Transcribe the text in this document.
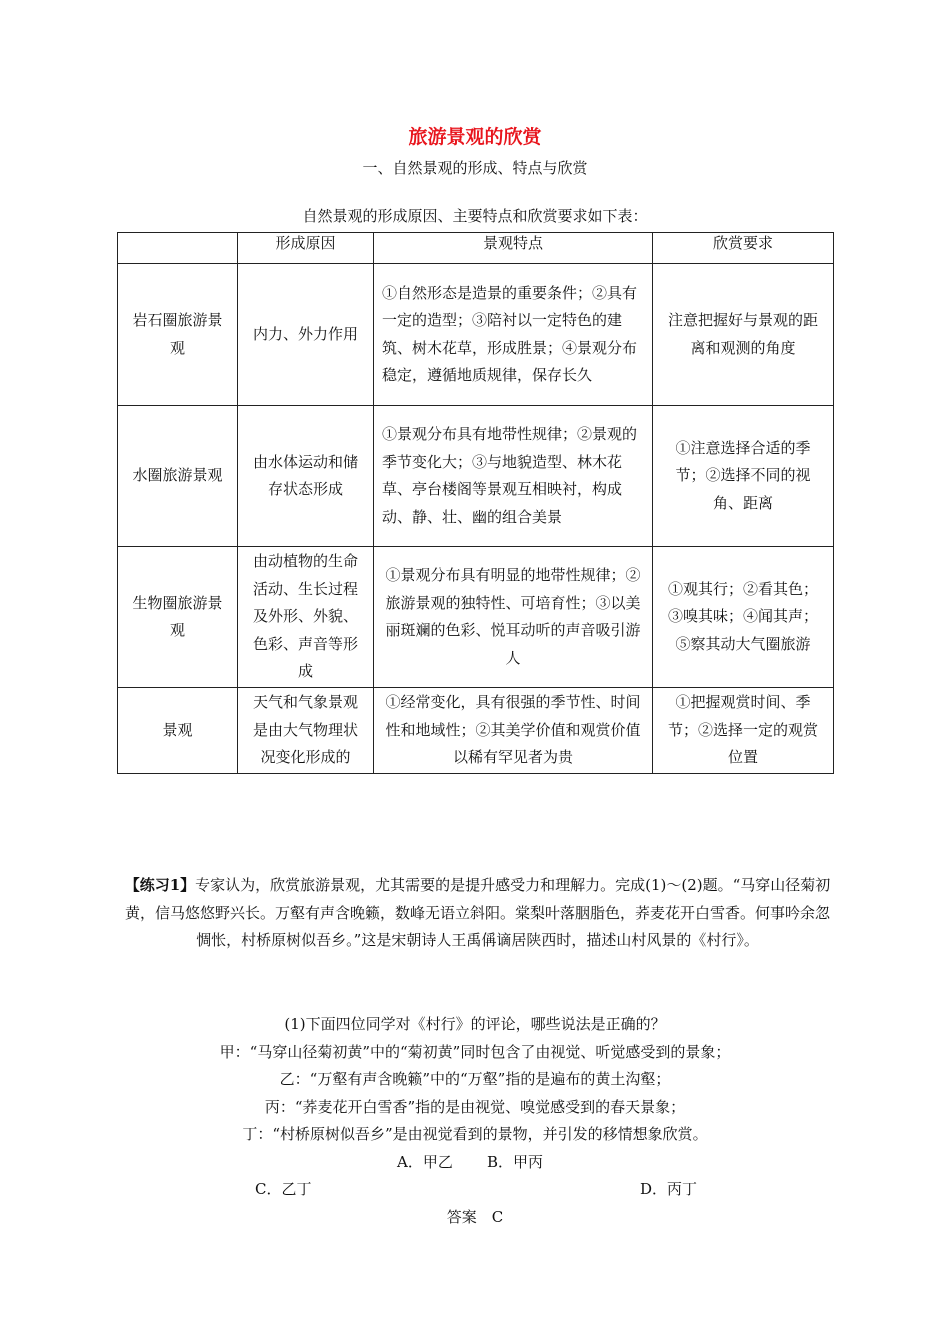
旅游景观的欣赏
一、自然景观的形成、特点与欣赏
自然景观的形成原因、主要特点和欣赏要求如下表：
	形成原因	景观特点	欣赏要求
岩石圈旅游景观	内力、外力作用	①自然形态是造景的重要条件；②具有一定的造型；③陪衬以一定特色的建筑、树木花草，形成胜景；④景观分布稳定，遵循地质规律，保存长久	注意把握好与景观的距离和观测的角度
水圈旅游景观	由水体运动和储存状态形成	①景观分布具有地带性规律；②景观的季节变化大；③与地貌造型、林木花草、亭台楼阁等景观互相映衬，构成动、静、壮、幽的组合美景	①注意选择合适的季节；②选择不同的视角、距离
生物圈旅游景观	由动植物的生命活动、生长过程及外形、外貌、色彩、声音等形成	①景观分布具有明显的地带性规律；②旅游景观的独特性、可培育性；③以美丽斑斓的色彩、悦耳动听的声音吸引游人	①观其行；②看其色；③嗅其味；④闻其声；⑤察其动大气圈旅游
景观	天气和气象景观是由大气物理状况变化形成的	①经常变化，具有很强的季节性、时间性和地域性；②其美学价值和观赏价值以稀有罕见者为贵	①把握观赏时间、季节；②选择一定的观赏位置
【练习1】专家认为，欣赏旅游景观，尤其需要的是提升感受力和理解力。完成(1)～(2)题。“马穿山径菊初黄，信马悠悠野兴长。万壑有声含晚籁，数峰无语立斜阳。棠梨叶落胭脂色，荞麦花开白雪香。何事吟余忽惆怅，村桥原树似吾乡。”这是宋朝诗人王禹偁谪居陕西时，描述山村风景的《村行》。
(1)下面四位同学对《村行》的评论，哪些说法是正确的？
甲：“马穿山径菊初黄”中的“菊初黄”同时包含了由视觉、听觉感受到的景象；
乙：“万壑有声含晚籁”中的“万壑”指的是遍布的黄土沟壑；
丙：“荞麦花开白雪香”指的是由视觉、嗅觉感受到的春天景象；
丁：“村桥原树似吾乡”是由视觉看到的景物，并引发的移情想象欣赏。
A．甲乙 B．甲丙
C．乙丁	D．丙丁
答案　C
